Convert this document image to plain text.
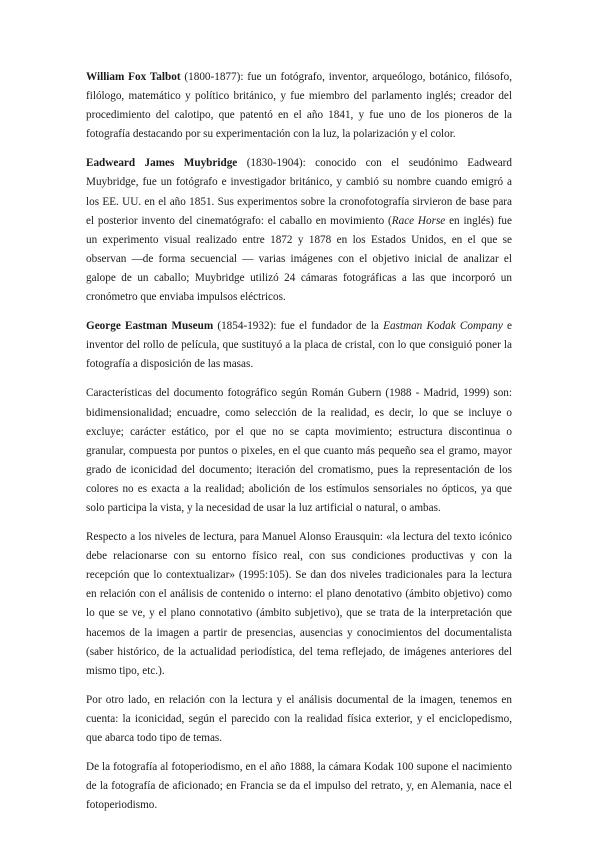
William Fox Talbot (1800-1877): fue un fotógrafo, inventor, arqueólogo, botánico, filósofo, filólogo, matemático y político británico, y fue miembro del parlamento inglés; creador del procedimiento del calotipo, que patentó en el año 1841, y fue uno de los pioneros de la fotografía destacando por su experimentación con la luz, la polarización y el color.

Eadweard James Muybridge (1830-1904): conocido con el seudónimo Eadweard Muybridge, fue un fotógrafo e investigador británico, y cambió su nombre cuando emigró a los EE. UU. en el año 1851. Sus experimentos sobre la cronofotografía sirvieron de base para el posterior invento del cinematógrafo: el caballo en movimiento (Race Horse en inglés) fue un experimento visual realizado entre 1872 y 1878 en los Estados Unidos, en el que se observan —de forma secuencial — varias imágenes con el objetivo inicial de analizar el galope de un caballo; Muybridge utilizó 24 cámaras fotográficas a las que incorporó un cronómetro que enviaba impulsos eléctricos.

George Eastman Museum (1854-1932): fue el fundador de la Eastman Kodak Company e inventor del rollo de película, que sustituyó a la placa de cristal, con lo que consiguió poner la fotografía a disposición de las masas.

Características del documento fotográfico según Román Gubern (1988 - Madrid, 1999) son: bidimensionalidad; encuadre, como selección de la realidad, es decir, lo que se incluye o excluye; carácter estático, por el que no se capta movimiento; estructura discontinua o granular, compuesta por puntos o pixeles, en el que cuanto más pequeño sea el gramo, mayor grado de iconicidad del documento; iteración del cromatismo, pues la representación de los colores no es exacta a la realidad; abolición de los estímulos sensoriales no ópticos, ya que solo participa la vista, y la necesidad de usar la luz artificial o natural, o ambas.

Respecto a los niveles de lectura, para Manuel Alonso Erausquin: «la lectura del texto icónico debe relacionarse con su entorno físico real, con sus condiciones productivas y con la recepción que lo contextualizar» (1995:105). Se dan dos niveles tradicionales para la lectura en relación con el análisis de contenido o interno: el plano denotativo (ámbito objetivo) como lo que se ve, y el plano connotativo (ámbito subjetivo), que se trata de la interpretación que hacemos de la imagen a partir de presencias, ausencias y conocimientos del documentalista (saber histórico, de la actualidad periodística, del tema reflejado, de imágenes anteriores del mismo tipo, etc.).

Por otro lado, en relación con la lectura y el análisis documental de la imagen, tenemos en cuenta: la iconicidad, según el parecido con la realidad física exterior, y el enciclopedismo, que abarca todo tipo de temas.

De la fotografía al fotoperiodismo, en el año 1888, la cámara Kodak 100 supone el nacimiento de la fotografía de aficionado; en Francia se da el impulso del retrato, y, en Alemania, nace el fotoperiodismo.
